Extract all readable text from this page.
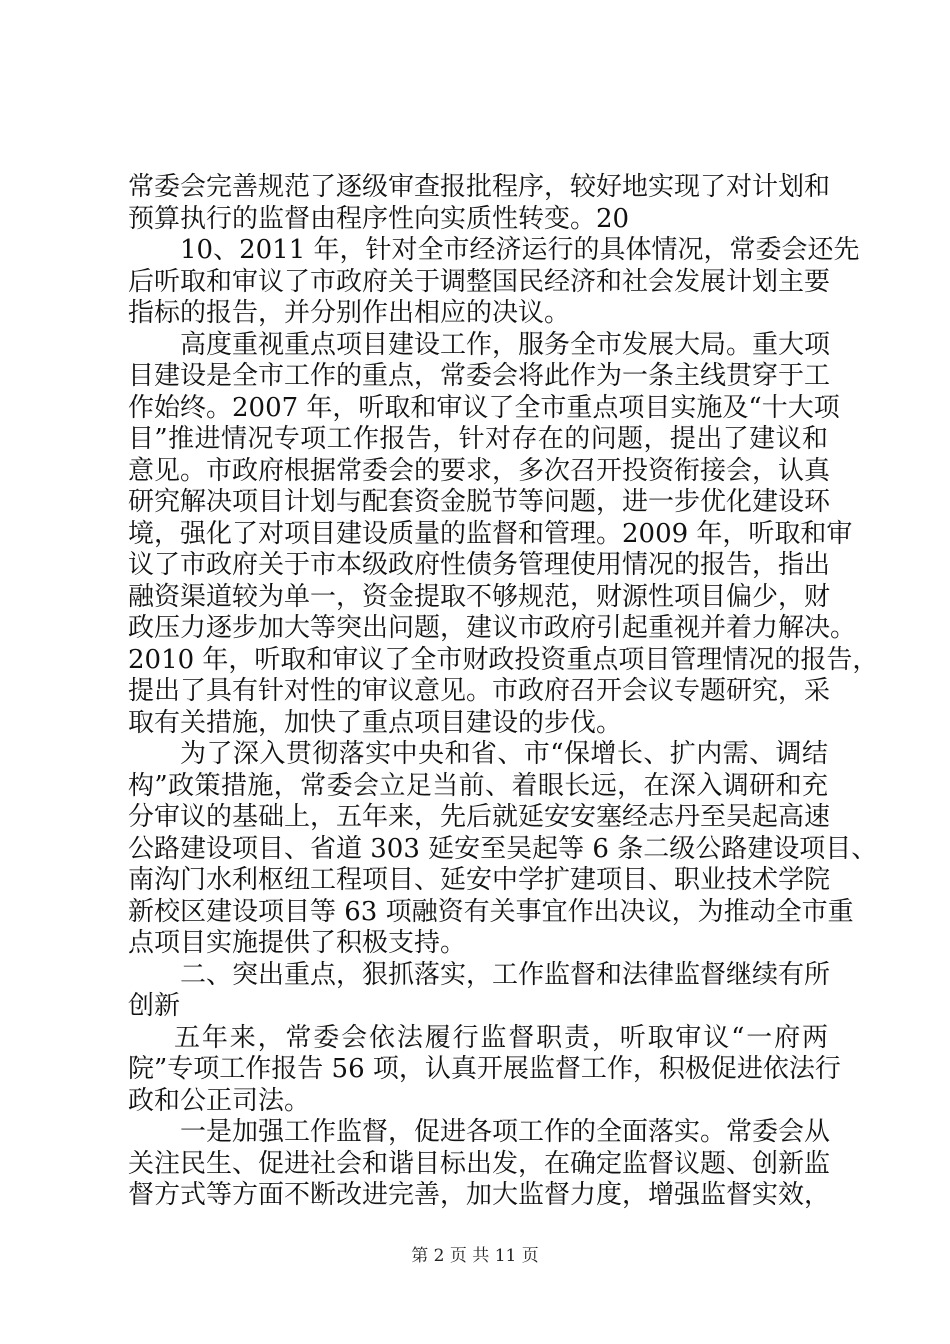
常委会完善规范了逐级审查报批程序，较好地实现了对计划和
预算执行的监督由程序性向实质性转变。20
10、2011 年，针对全市经济运行的具体情况，常委会还先
后听取和审议了市政府关于调整国民经济和社会发展计划主要
指标的报告，并分别作出相应的决议。
高度重视重点项目建设工作，服务全市发展大局。重大项
目建设是全市工作的重点，常委会将此作为一条主线贯穿于工
作始终。2007 年，听取和审议了全市重点项目实施及“十大项
目”推进情况专项工作报告，针对存在的问题，提出了建议和
意见。市政府根据常委会的要求，多次召开投资衔接会，认真
研究解决项目计划与配套资金脱节等问题，进一步优化建设环
境，强化了对项目建设质量的监督和管理。2009 年，听取和审
议了市政府关于市本级政府性债务管理使用情况的报告，指出
融资渠道较为单一，资金提取不够规范，财源性项目偏少，财
政压力逐步加大等突出问题，建议市政府引起重视并着力解决。
2010 年，听取和审议了全市财政投资重点项目管理情况的报告，
提出了具有针对性的审议意见。市政府召开会议专题研究，采
取有关措施，加快了重点项目建设的步伐。
为了深入贯彻落实中央和省、市“保增长、扩内需、调结
构”政策措施，常委会立足当前、着眼长远，在深入调研和充
分审议的基础上，五年来，先后就延安安塞经志丹至吴起高速
公路建设项目、省道 303 延安至吴起等 6 条二级公路建设项目、
南沟门水利枢纽工程项目、延安中学扩建项目、职业技术学院
新校区建设项目等 63 项融资有关事宜作出决议，为推动全市重
点项目实施提供了积极支持。
二、突出重点，狠抓落实，工作监督和法律监督继续有所
创新
五年来，常委会依法履行监督职责，听取审议“一府两
院”专项工作报告 56 项，认真开展监督工作，积极促进依法行
政和公正司法。
一是加强工作监督，促进各项工作的全面落实。常委会从
关注民生、促进社会和谐目标出发，在确定监督议题、创新监
督方式等方面不断改进完善，加大监督力度，增强监督实效，
第 2 页 共 11 页
